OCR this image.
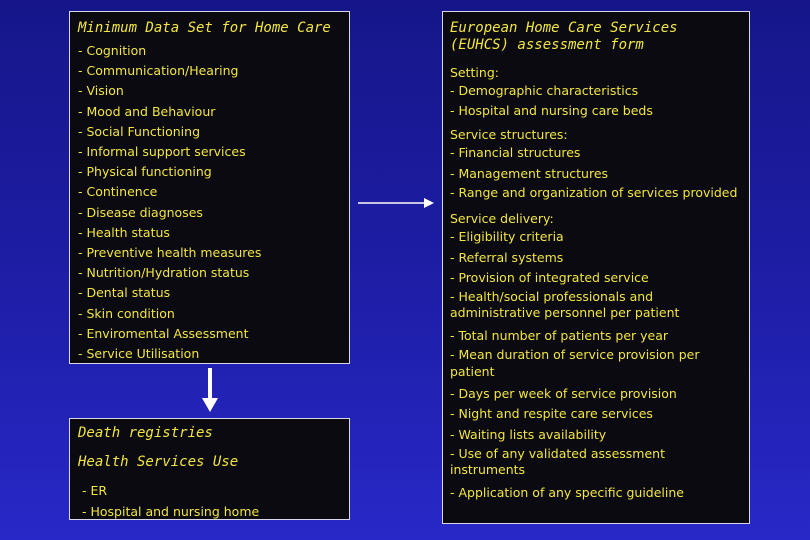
Minimum Data Set for Home Care

- Cognition

- Communication/Hearing

- Vision

- Mood and Behaviour

- Social Functioning

- Informal support services

- Physical functioning

- Continence

- Disease diagnoses

- Health status

- Preventive health measures

- Nutrition/Hydration status

- Dental status

- Skin condition

- Enviromental Assessment

- Service Utilisation

Death registries

Health Services Use

- ER

- Hospital and nursing home

European Home Care Services (EUHCS) assessment form

Setting:

- Demographic characteristics

- Hospital and nursing care beds

Service structures:

- Financial structures

- Management structures

- Range and organization of services provided

Service delivery:

- Eligibility criteria

- Referral systems

- Provision of integrated service

- Health/social professionals and administrative personnel per patient

- Total number of patients per year

- Mean duration of service provision per patient

- Days per week of service provision

- Night and respite care services

- Waiting lists availability

- Use of any validated assessment instruments

- Application of any specific guideline
